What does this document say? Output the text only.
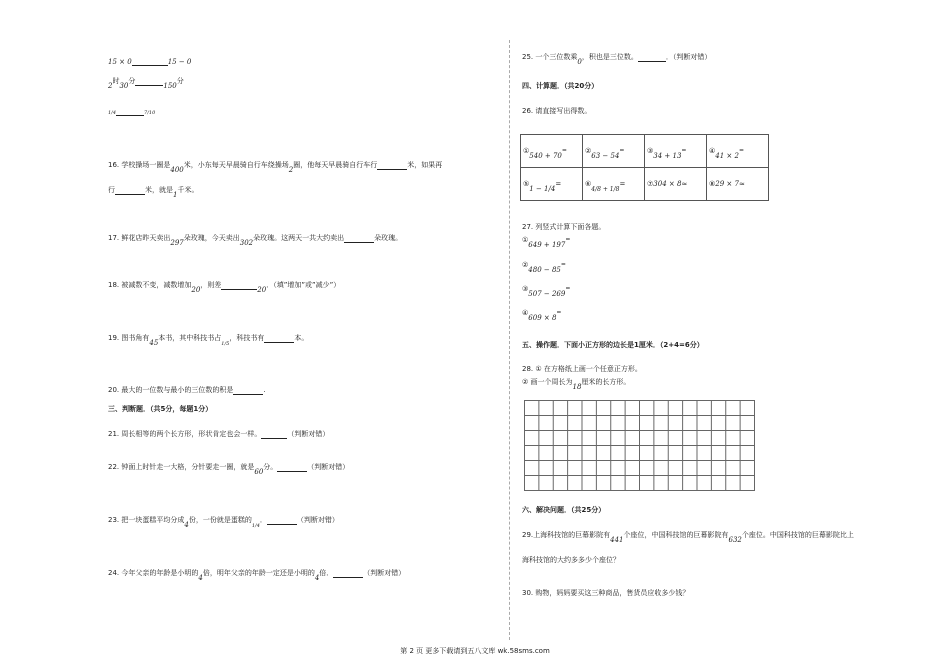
15 × 0	15 − 0
2时30分150分
1/4	7/10
16. 学校操场一圈是400米，小东每天早晨骑自行车绕操场2圈，他每天早晨骑自行车行	米，如果再
行	米，就是1千米。
17. 鲜花店昨天卖出297朵玫瑰，今天卖出302朵玫瑰。这两天一共大约卖出	朵玫瑰。
18. 被减数不变，减数增加20，则差20．（填”增加”或”减少”）
19. 图书角有45本书，其中科技书占$_{1/5}$，科技书有	本。
20. 最大的一位数与最小的三位数的积是	.
三、判断题．（共5分，每题1分）
21. 周长相等的两个长方形，形状肯定也会一样。	（判断对错）
22. 钟面上时针走一大格，分针要走一圈，就是60分。	（判断对错）
23. 把一块蛋糕平均分成4份，一份就是蛋糕的$_{1/4}$．	（判断对错）
24. 今年父亲的年龄是小明的4倍，明年父亲的年龄一定还是小明的4倍．	（判断对错）
25. 一个三位数乘0，积也是三位数。	．（判断对错）
四、计算题．（共20分）
26. 请直接写出得数。
①540 + 70=	②63 − 54=	③34 + 13=	④41 × 2=
⑤1 − 1/4=	⑥4/8 + 1/8=	⑦304 × 8≈	⑧29 × 7≈
27. 列竖式计算下面各题。
①649 + 197=
②480 − 85=
③507 − 269=
④609 × 8=
五、操作题．下面小正方形的边长是1厘米．（2+4=6分）
28. ① 在方格纸上画一个任意正方形。
② 画一个周长为18厘米的长方形。
六、解决问题．（共25分）
29.上海科技馆的巨幕影院有441个座位，中国科技馆的巨幕影院有632个座位。中国科技馆的巨幕影院比上
海科技馆的大约多多少个座位？
30. 购物，妈妈要买这三种商品，售货员应收多少钱？
第 2 页 更多下载请到五八文库 wk.58sms.com
